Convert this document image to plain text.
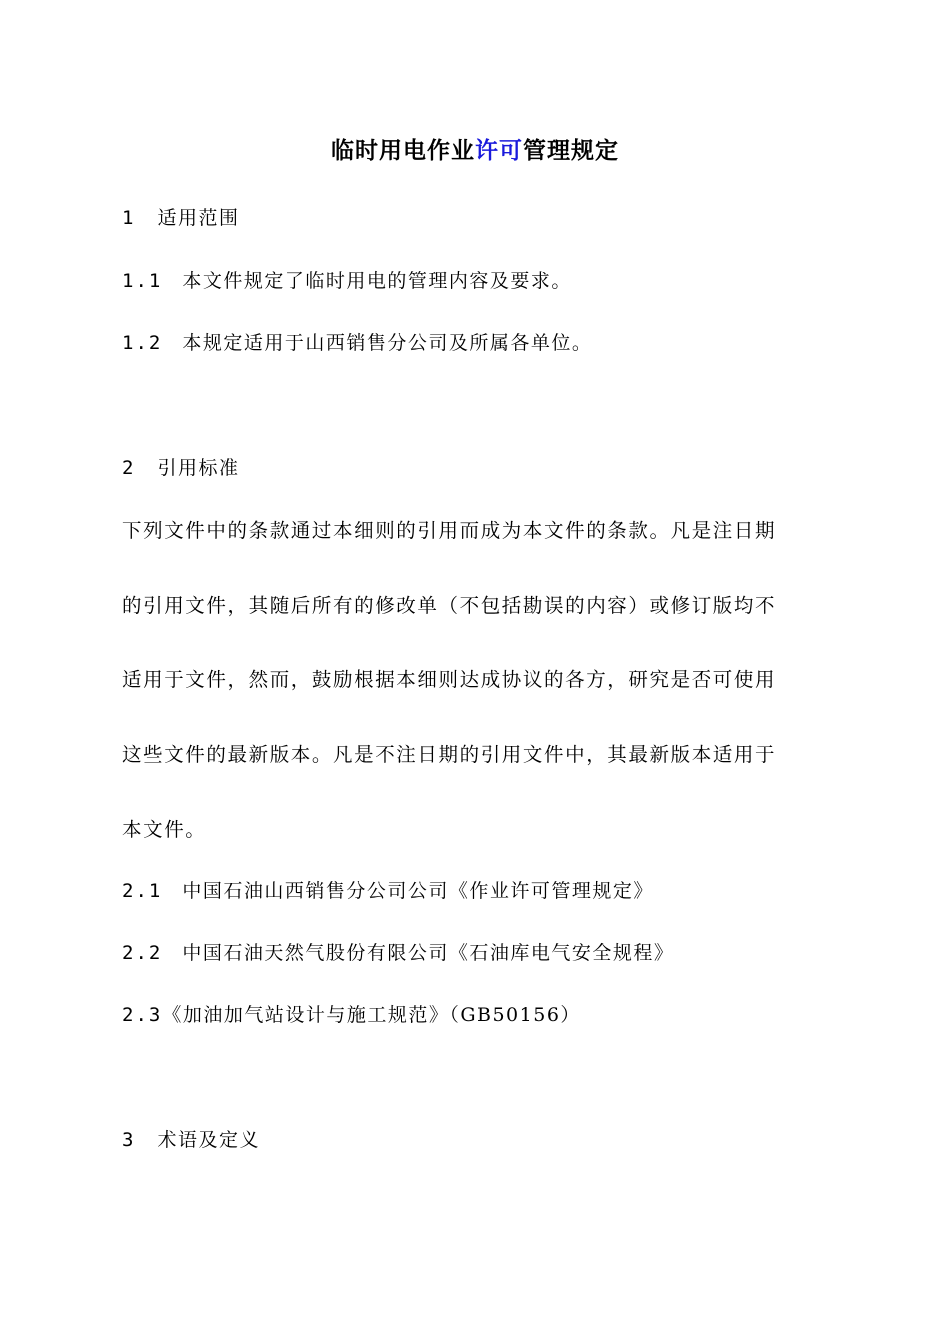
临时用电作业许可管理规定
1 适用范围
1.1 本文件规定了临时用电的管理内容及要求。
1.2 本规定适用于山西销售分公司及所属各单位。
2 引用标准
下列文件中的条款通过本细则的引用而成为本文件的条款。凡是注日期
的引用文件，其随后所有的修改单（不包括勘误的内容）或修订版均不
适用于文件，然而，鼓励根据本细则达成协议的各方，研究是否可使用
这些文件的最新版本。凡是不注日期的引用文件中，其最新版本适用于
本文件。
2.1 中国石油山西销售分公司公司《作业许可管理规定》
2.2 中国石油天然气股份有限公司《石油库电气安全规程》
2.3《加油加气站设计与施工规范》（GB50156）
3 术语及定义
